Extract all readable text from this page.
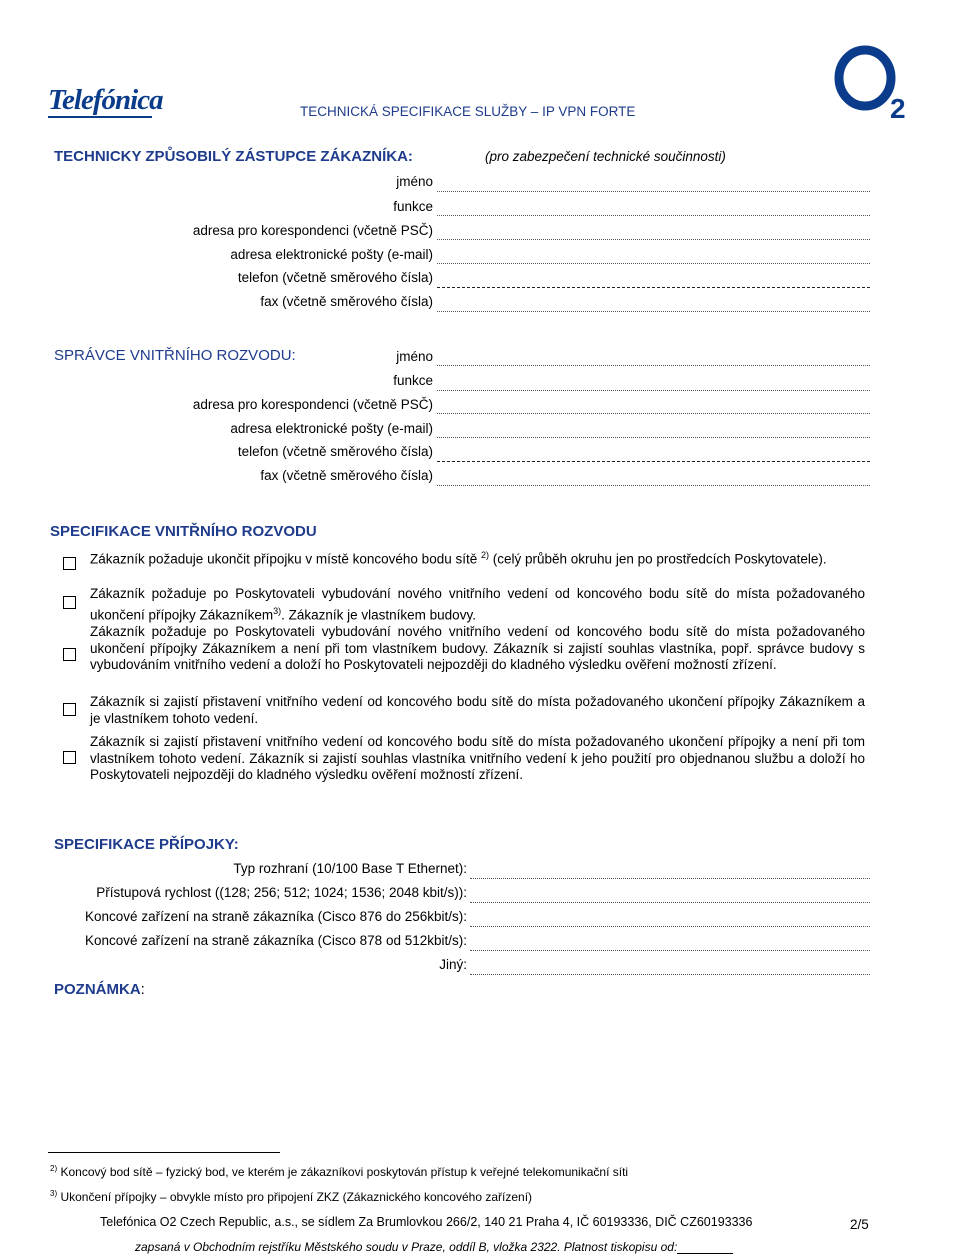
Telefónica	TECHNICKÁ SPECIFIKACE SLUŽBY – IP VPN FORTE	2
TECHNICKY ZPŮSOBILÝ ZÁSTUPCE ZÁKAZNÍKA:	(pro zabezpečení technické součinnosti)
jméno
funkce
adresa pro korespondenci (včetně PSČ)
adresa elektronické pošty (e-mail)
telefon (včetně směrového čísla)
fax (včetně směrového čísla)
SPRÁVCE VNITŘNÍHO ROZVODU:	jméno
funkce
adresa pro korespondenci (včetně PSČ)
adresa elektronické pošty (e-mail)
telefon (včetně směrového čísla)
fax (včetně směrového čísla)
SPECIFIKACE VNITŘNÍHO ROZVODU
Zákazník požaduje ukončit přípojku v místě koncového bodu sítě $^{2)}$ (celý průběh okruhu jen po prostředcích Poskytovatele).
Zákazník požaduje po Poskytovateli vybudování nového vnitřního vedení od koncového bodu sítě do místa požadovaného ukončení přípojky Zákazníkem$^{3)}$. Zákazník je vlastníkem budovy.
Zákazník požaduje po Poskytovateli vybudování nového vnitřního vedení od koncového bodu sítě do místa požadovaného ukončení přípojky Zákazníkem a není při tom vlastníkem budovy. Zákazník si zajistí souhlas vlastníka, popř. správce budovy s vybudováním vnitřního vedení a doloží ho Poskytovateli nejpozději do kladného výsledku ověření možností zřízení.
Zákazník si zajistí přistavení vnitřního vedení od koncového bodu sítě do místa požadovaného ukončení přípojky Zákazníkem a je vlastníkem tohoto vedení.
Zákazník si zajistí přistavení vnitřního vedení od koncového bodu sítě do místa požadovaného ukončení přípojky a není při tom vlastníkem tohoto vedení. Zákazník si zajistí souhlas vlastníka vnitřního vedení k jeho použití pro objednanou službu a doloží ho Poskytovateli nejpozději do kladného výsledku ověření možností zřízení.
SPECIFIKACE PŘÍPOJKY:
Typ rozhraní (10/100 Base T Ethernet):
Přístupová rychlost ((128; 256; 512; 1024; 1536; 2048 kbit/s)):
Koncové zařízení na straně zákazníka (Cisco 876 do 256kbit/s):
Koncové zařízení na straně zákazníka (Cisco 878 od 512kbit/s):
Jiný:
POZNÁMKA:
$^{2)}$ Koncový bod sítě – fyzický bod, ve kterém je zákazníkovi poskytován přístup k veřejné telekomunikační síti
$^{3)}$ Ukončení přípojky – obvykle místo pro připojení ZKZ (Zákaznického koncového zařízení)
Telefónica O2 Czech Republic, a.s., se sídlem Za Brumlovkou 266/2, 140 21 Praha 4, IČ 60193336, DIČ CZ60193336
zapsaná v Obchodním rejstříku Městského soudu v Praze, oddíl B, vložka 2322. Platnost tiskopisu od:
2/5
